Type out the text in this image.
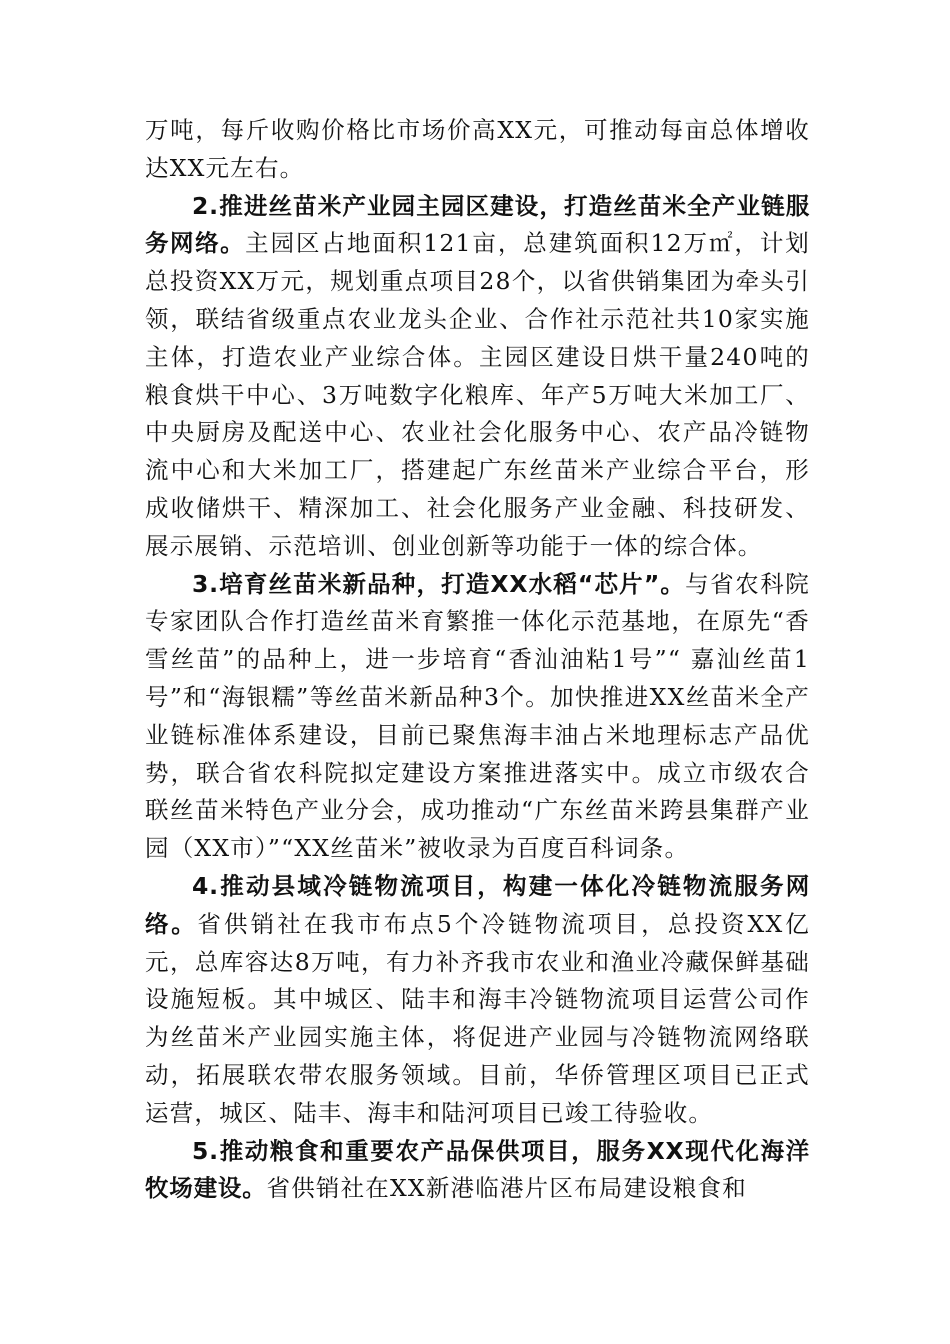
万吨，每斤收购价格比市场价高XX元，可推动每亩总体增收达XX元左右。

2.推进丝苗米产业园主园区建设，打造丝苗米全产业链服务网络。主园区占地面积121亩，总建筑面积12万㎡，计划总投资XX万元，规划重点项目28个，以省供销集团为牵头引领，联结省级重点农业龙头企业、合作社示范社共10家实施主体，打造农业产业综合体。主园区建设日烘干量240吨的粮食烘干中心、3万吨数字化粮库、年产5万吨大米加工厂、中央厨房及配送中心、农业社会化服务中心、农产品冷链物流中心和大米加工厂，搭建起广东丝苗米产业综合平台，形成收储烘干、精深加工、社会化服务产业金融、科技研发、展示展销、示范培训、创业创新等功能于一体的综合体。

3.培育丝苗米新品种，打造XX水稻“芯片”。与省农科院专家团队合作打造丝苗米育繁推一体化示范基地，在原先“香雪丝苗”的品种上，进一步培育“香汕油粘1号”“ 嘉汕丝苗1号”和“海银糯”等丝苗米新品种3个。加快推进XX丝苗米全产业链标准体系建设，目前已聚焦海丰油占米地理标志产品优势，联合省农科院拟定建设方案推进落实中。成立市级农合联丝苗米特色产业分会，成功推动“广东丝苗米跨县集群产业园（XX市）”“XX丝苗米”被收录为百度百科词条。

4.推动县域冷链物流项目，构建一体化冷链物流服务网络。省供销社在我市布点5个冷链物流项目，总投资XX亿元，总库容达8万吨，有力补齐我市农业和渔业冷藏保鲜基础设施短板。其中城区、陆丰和海丰冷链物流项目运营公司作为丝苗米产业园实施主体，将促进产业园与冷链物流网络联动，拓展联农带农服务领域。目前，华侨管理区项目已正式运营，城区、陆丰、海丰和陆河项目已竣工待验收。

5.推动粮食和重要农产品保供项目，服务XX现代化海洋牧场建设。省供销社在XX新港临港片区布局建设粮食和
